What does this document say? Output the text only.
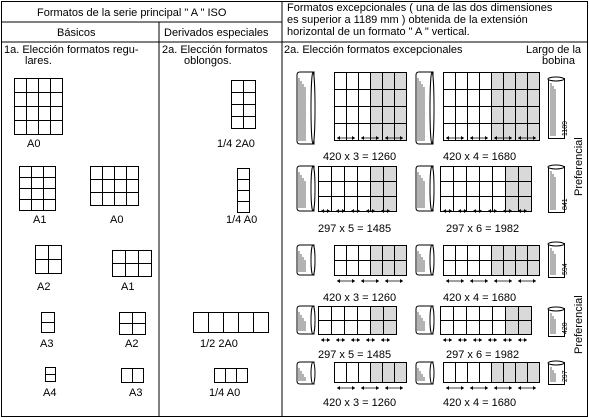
Formatos de la serie principal " A " ISO	Formatos excepcionales ( una de las dos dimensiones
es superior a 1189 mm ) obtenida de la extensión
horizontal de un formato " A " vertical.
Básicos	Derivados especiales
1a. Elección formatos regu-
lares.
2a. Elección formatos
oblongos.
2a. Elección formatos excepcionales	Largo de la
bobina
A0
A1	A0
A2	A1
A3	A2
A4	A3
1/4 2A0
1/4 A0
1/2 2A0
1/4 A0
420 x 3 = 1260	420 x 4 = 1680
297 x 5 = 1485	297 x 6 = 1982
420 x 3 = 1260	420 x 4 = 1680
297 x 5 = 1485	297 x 6 = 1982
420 x 3 = 1260	420 x 4 = 1680
Preferencial
Preferencial
1189
841
594
420
297
